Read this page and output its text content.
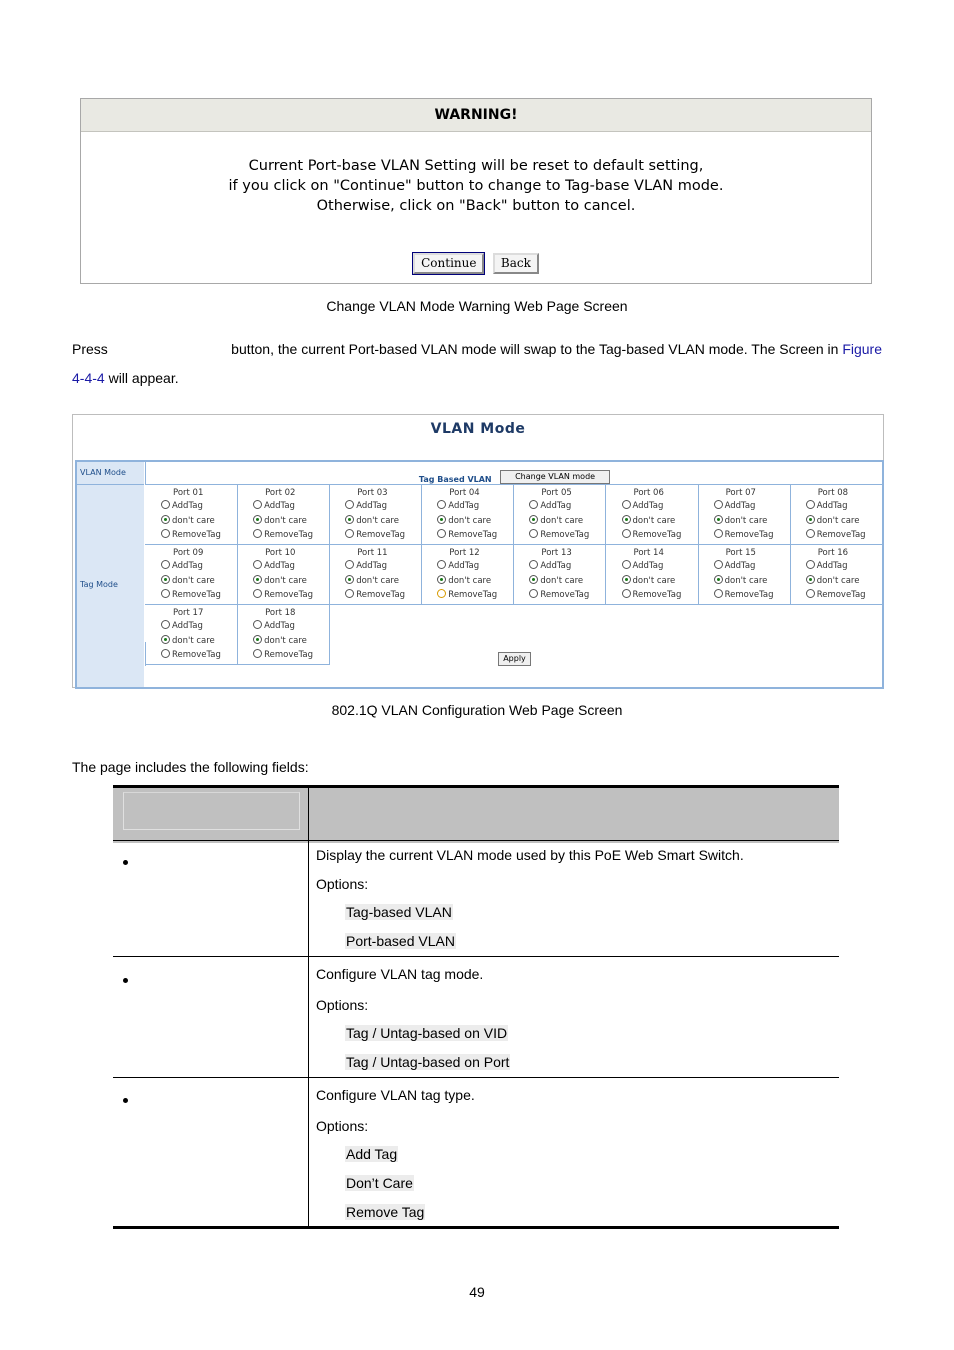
WARNING!
Current Port-base VLAN Setting will be reset to default setting,
if you click on "Continue" button to change to Tag-base VLAN mode.
Otherwise, click on "Back" button to cancel.
Continue Back
Change VLAN Mode Warning Web Page Screen
Press	button, the current Port-based VLAN mode will swap to the Tag-based VLAN mode. The Screen in Figure
4-4-4 will appear.
VLAN Mode
VLAN Mode
$_{Tag Based VLAN}$	Change VLAN mode
Tag Mode
Apply
Port 01
AddTag
don't care
RemoveTag
Port 02
AddTag
don't care
RemoveTag
Port 03
AddTag
don't care
RemoveTag
Port 04
AddTag
don't care
RemoveTag
Port 05
AddTag
don't care
RemoveTag
Port 06
AddTag
don't care
RemoveTag
Port 07
AddTag
don't care
RemoveTag
Port 08
AddTag
don't care
RemoveTag
Port 09
AddTag
don't care
RemoveTag
Port 10
AddTag
don't care
RemoveTag
Port 11
AddTag
don't care
RemoveTag
Port 12
AddTag
don't care
RemoveTag
Port 13
AddTag
don't care
RemoveTag
Port 14
AddTag
don't care
RemoveTag
Port 15
AddTag
don't care
RemoveTag
Port 16
AddTag
don't care
RemoveTag
Port 17
AddTag
don't care
RemoveTag
Port 18
AddTag
don't care
RemoveTag
802.1Q VLAN Configuration Web Page Screen
The page includes the following fields:
Display the current VLAN mode used by this PoE Web Smart Switch.
Options:
Tag-based VLAN
Port-based VLAN
Configure VLAN tag mode.
Options:
Tag / Untag-based on VID
Tag / Untag-based on Port
Configure VLAN tag type.
Options:
Add Tag
Don’t Care
Remove Tag
49
